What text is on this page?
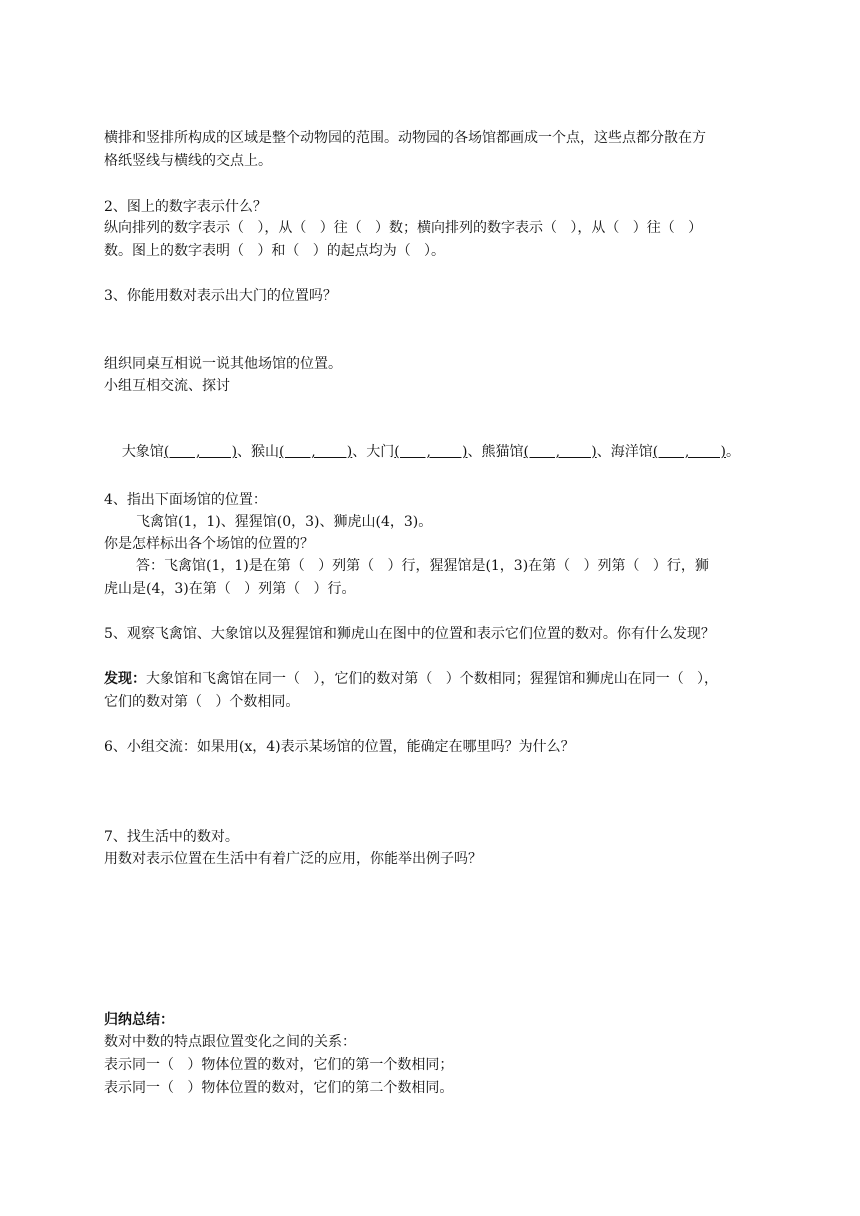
横排和竖排所构成的区域是整个动物园的范围。动物园的各场馆都画成一个点，这些点都分散在方
格纸竖线与横线的交点上。
2、图上的数字表示什么？
纵向排列的数字表示（   ），从（   ）往（   ）数；横向排列的数字表示（   ），从（   ）往（   ）
数。图上的数字表明（   ）和（   ）的起点均为（   ）。
3、你能用数对表示出大门的位置吗？
组织同桌互相说一说其他场馆的位置。
小组互相交流、探讨

大象馆(      ,       )、猴山(      ,       )、大门(      ,       )、熊猫馆(      ,       )、海洋馆(      ,       )。

4、指出下面场馆的位置：
飞禽馆(1，1)、猩猩馆(0，3)、狮虎山(4，3)。
你是怎样标出各个场馆的位置的？
答：飞禽馆(1，1)是在第（   ）列第（   ）行，猩猩馆是(1，3)在第（   ）列第（   ）行，狮
虎山是(4，3)在第（   ）列第（   ）行。
5、观察飞禽馆、大象馆以及猩猩馆和狮虎山在图中的位置和表示它们位置的数对。你有什么发现？
发现：大象馆和飞禽馆在同一（   ），它们的数对第（   ）个数相同；猩猩馆和狮虎山在同一（   ），
它们的数对第（   ）个数相同。
6、小组交流：如果用(x，4)表示某场馆的位置，能确定在哪里吗？为什么？
7、找生活中的数对。
用数对表示位置在生活中有着广泛的应用，你能举出例子吗？
归纳总结：
数对中数的特点跟位置变化之间的关系：
表示同一（   ）物体位置的数对，它们的第一个数相同；
表示同一（   ）物体位置的数对，它们的第二个数相同。
